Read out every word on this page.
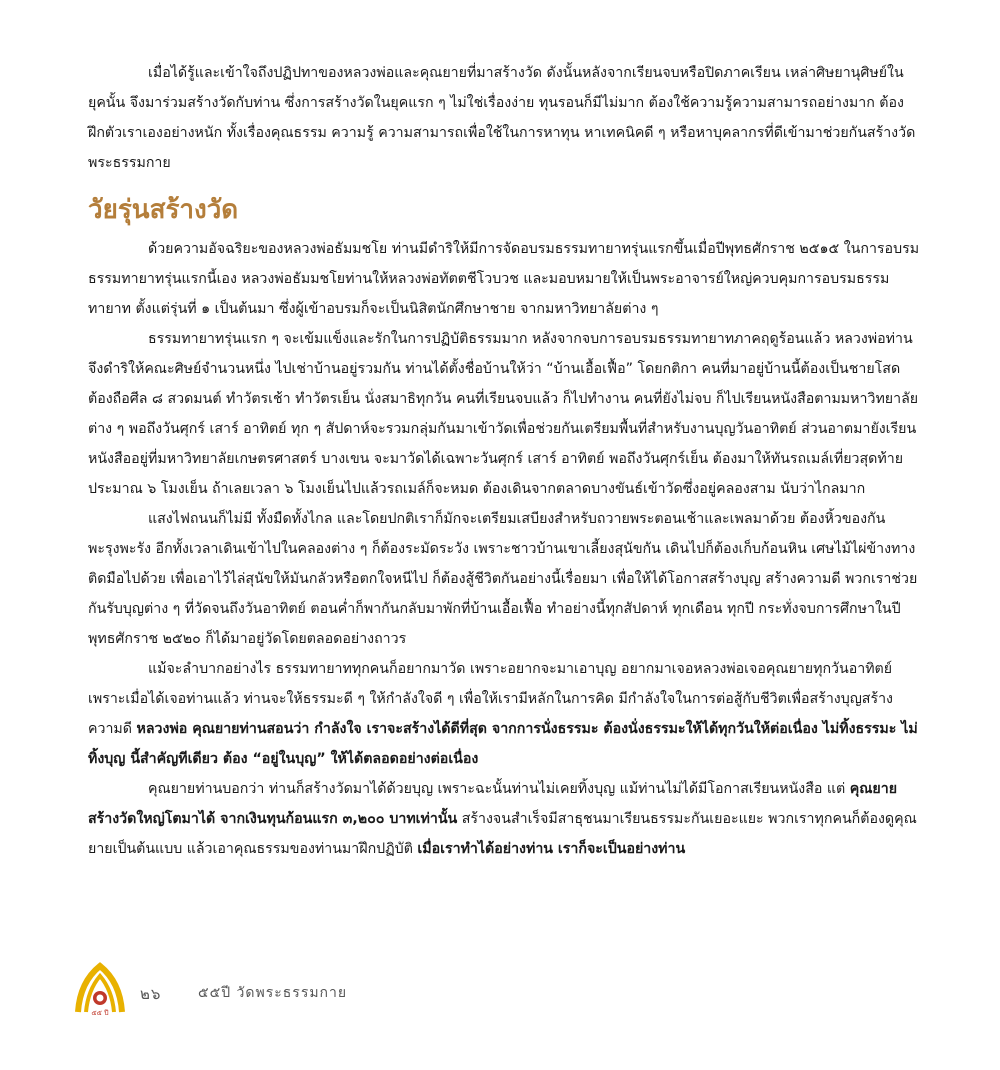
เมื่อได้รู้และเข้าใจถึงปฏิปทาของหลวงพ่อและคุณยายที่มาสร้างวัด ดังนั้นหลังจากเรียนจบหรือปิดภาคเรียน เหล่าศิษยานุศิษย์ในยุคนั้น จึงมาร่วมสร้างวัดกับท่าน ซึ่งการสร้างวัดในยุคแรก ๆ ไม่ใช่เรื่องง่าย ทุนรอนก็มีไม่มาก ต้องใช้ความรู้ความสามารถอย่างมาก ต้องฝึกตัวเราเองอย่างหนัก ทั้งเรื่องคุณธรรม ความรู้ ความสามารถเพื่อใช้ในการหาทุน หาเทคนิคดี ๆ หรือหาบุคลากรที่ดีเข้ามาช่วยกันสร้างวัดพระธรรมกาย

วัยรุ่นสร้างวัด

ด้วยความอัจฉริยะของหลวงพ่อธัมมชโย ท่านมีดำริให้มีการจัดอบรมธรรมทายาทรุ่นแรกขึ้นเมื่อปีพุทธศักราช ๒๕๑๕ ในการอบรมธรรมทายาทรุ่นแรกนี้เอง หลวงพ่อธัมมชโยท่านให้หลวงพ่อทัตตชีโวบวช และมอบหมายให้เป็นพระอาจารย์ใหญ่ควบคุมการอบรมธรรมทายาท ตั้งแต่รุ่นที่ ๑ เป็นต้นมา ซึ่งผู้เข้าอบรมก็จะเป็นนิสิตนักศึกษาชาย จากมหาวิทยาลัยต่าง ๆ

ธรรมทายาทรุ่นแรก ๆ จะเข้มแข็งและรักในการปฏิบัติธรรมมาก หลังจากจบการอบรมธรรมทายาทภาคฤดูร้อนแล้ว หลวงพ่อท่านจึงดำริให้คณะศิษย์จำนวนหนึ่ง ไปเช่าบ้านอยู่รวมกัน ท่านได้ตั้งชื่อบ้านให้ว่า “บ้านเอื้อเฟื้อ” โดยกติกา คนที่มาอยู่บ้านนี้ต้องเป็นชายโสด ต้องถือศีล ๘ สวดมนต์ ทำวัตรเช้า ทำวัตรเย็น นั่งสมาธิทุกวัน คนที่เรียนจบแล้ว ก็ไปทำงาน คนที่ยังไม่จบ ก็ไปเรียนหนังสือตามมหาวิทยาลัยต่าง ๆ พอถึงวันศุกร์ เสาร์ อาทิตย์ ทุก ๆ สัปดาห์จะรวมกลุ่มกันมาเข้าวัดเพื่อช่วยกันเตรียมพื้นที่สำหรับงานบุญวันอาทิตย์ ส่วนอาตมายังเรียนหนังสืออยู่ที่มหาวิทยาลัยเกษตรศาสตร์ บางเขน จะมาวัดได้เฉพาะวันศุกร์ เสาร์ อาทิตย์ พอถึงวันศุกร์เย็น ต้องมาให้ทันรถเมล์เที่ยวสุดท้าย ประมาณ ๖ โมงเย็น ถ้าเลยเวลา ๖ โมงเย็นไปแล้วรถเมล์ก็จะหมด ต้องเดินจากตลาดบางขันธ์เข้าวัดซึ่งอยู่คลองสาม นับว่าไกลมาก

แสงไฟถนนก็ไม่มี ทั้งมืดทั้งไกล และโดยปกติเราก็มักจะเตรียมเสบียงสำหรับถวายพระตอนเช้าและเพลมาด้วย ต้องหิ้วของกันพะรุงพะรัง อีกทั้งเวลาเดินเข้าไปในคลองต่าง ๆ ก็ต้องระมัดระวัง เพราะชาวบ้านเขาเลี้ยงสุนัขกัน เดินไปก็ต้องเก็บก้อนหิน เศษไม้ไผ่ข้างทาง ติดมือไปด้วย เพื่อเอาไว้ไล่สุนัขให้มันกลัวหรือตกใจหนีไป ก็ต้องสู้ชีวิตกันอย่างนี้เรื่อยมา เพื่อให้ได้โอกาสสร้างบุญ สร้างความดี พวกเราช่วยกันรับบุญต่าง ๆ ที่วัดจนถึงวันอาทิตย์ ตอนค่ำก็พากันกลับมาพักที่บ้านเอื้อเฟื้อ ทำอย่างนี้ทุกสัปดาห์ ทุกเดือน ทุกปี กระทั่งจบการศึกษาในปีพุทธศักราช ๒๕๒๐ ก็ได้มาอยู่วัดโดยตลอดอย่างถาวร

แม้จะลำบากอย่างไร ธรรมทายาททุกคนก็อยากมาวัด เพราะอยากจะมาเอาบุญ อยากมาเจอหลวงพ่อเจอคุณยายทุกวันอาทิตย์ เพราะเมื่อได้เจอท่านแล้ว ท่านจะให้ธรรมะดี ๆ ให้กำลังใจดี ๆ เพื่อให้เรามีหลักในการคิด มีกำลังใจในการต่อสู้กับชีวิตเพื่อสร้างบุญสร้างความดี หลวงพ่อ คุณยายท่านสอนว่า กำลังใจ เราจะสร้างได้ดีที่สุด จากการนั่งธรรมะ ต้องนั่งธรรมะให้ได้ทุกวันให้ต่อเนื่อง ไม่ทิ้งธรรมะ ไม่ทิ้งบุญ นี้สำคัญทีเดียว ต้อง “อยู่ในบุญ” ให้ได้ตลอดอย่างต่อเนื่อง

คุณยายท่านบอกว่า ท่านก็สร้างวัดมาได้ด้วยบุญ เพราะฉะนั้นท่านไม่เคยทิ้งบุญ แม้ท่านไม่ได้มีโอกาสเรียนหนังสือ แต่ คุณยายสร้างวัดใหญ่โตมาได้ จากเงินทุนก้อนแรก ๓,๒๐๐ บาทเท่านั้น สร้างจนสำเร็จมีสาธุชนมาเรียนธรรมะกันเยอะแยะ พวกเราทุกคนก็ต้องดูคุณยายเป็นต้นแบบ แล้วเอาคุณธรรมของท่านมาฝึกปฏิบัติ เมื่อเราทำได้อย่างท่าน เราก็จะเป็นอย่างท่าน

๕๕ ปี
๒๖	๕๕ปี วัดพระธรรมกาย
